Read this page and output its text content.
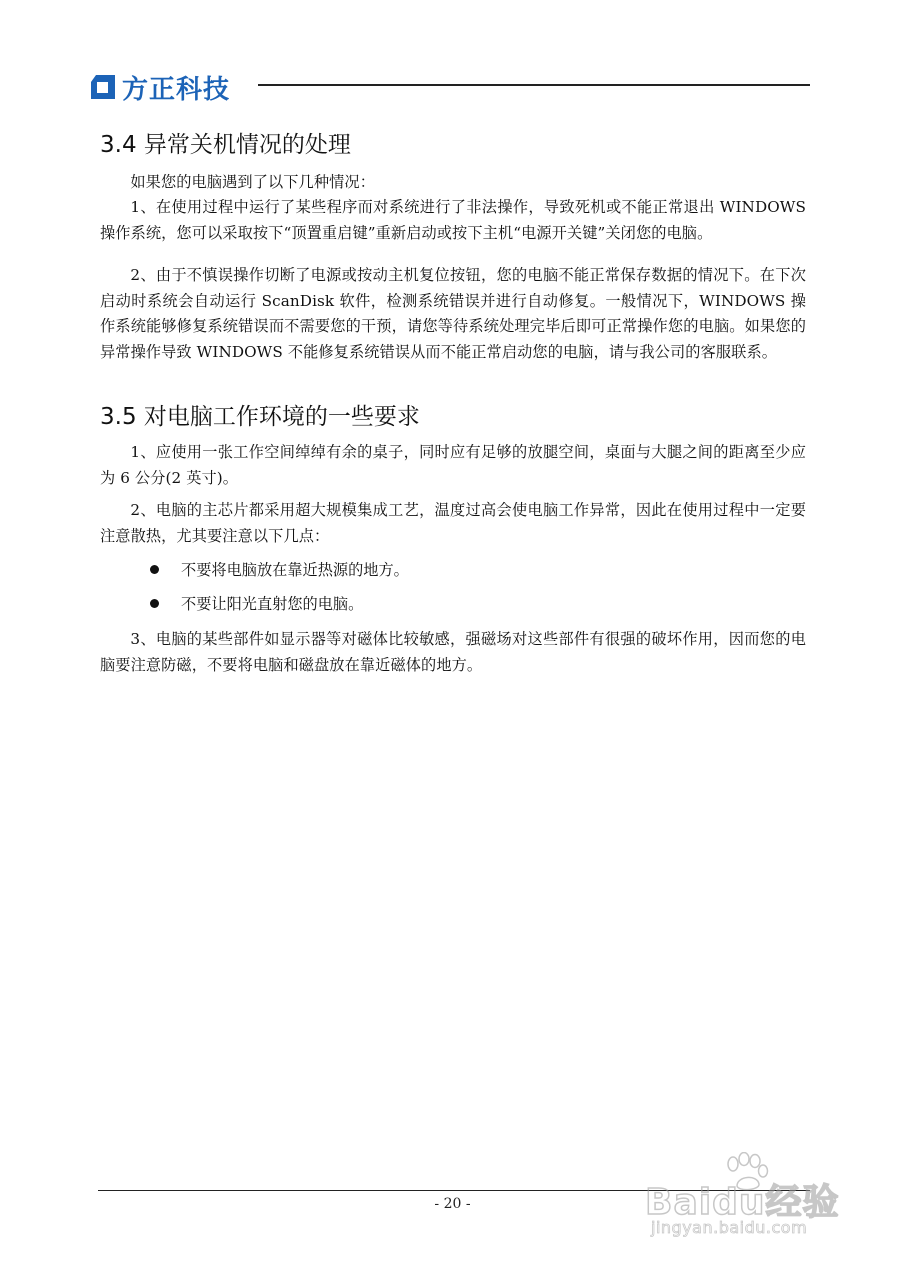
方正科技
3.4 异常关机情况的处理
如果您的电脑遇到了以下几种情况：
1、在使用过程中运行了某些程序而对系统进行了非法操作，导致死机或不能正常退出 WINDOWS 操作系统，您可以采取按下“顶置重启键”重新启动或按下主机“电源开关键”关闭您的电脑。
2、由于不慎误操作切断了电源或按动主机复位按钮，您的电脑不能正常保存数据的情况下。在下次启动时系统会自动运行 ScanDisk 软件，检测系统错误并进行自动修复。一般情况下，WINDOWS 操作系统能够修复系统错误而不需要您的干预，请您等待系统处理完毕后即可正常操作您的电脑。如果您的异常操作导致 WINDOWS 不能修复系统错误从而不能正常启动您的电脑，请与我公司的客服联系。
3.5 对电脑工作环境的一些要求
1、应使用一张工作空间绰绰有余的桌子，同时应有足够的放腿空间，桌面与大腿之间的距离至少应为 6 公分(2 英寸)。
2、电脑的主芯片都采用超大规模集成工艺，温度过高会使电脑工作异常，因此在使用过程中一定要注意散热，尤其要注意以下几点：
不要将电脑放在靠近热源的地方。
不要让阳光直射您的电脑。
3、电脑的某些部件如显示器等对磁体比较敏感，强磁场对这些部件有很强的破坏作用，因而您的电脑要注意防磁，不要将电脑和磁盘放在靠近磁体的地方。
- 20 -	Baidu经验
jingyan.baidu.com
